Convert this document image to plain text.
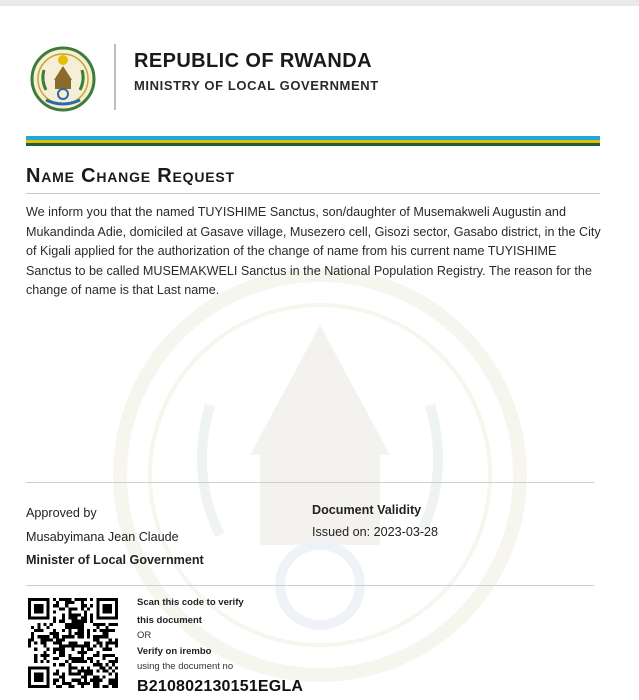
REPUBLIC OF RWANDA
MINISTRY OF LOCAL GOVERNMENT
Name Change Request

We inform you that the named TUYISHIME Sanctus, son/daughter of Musemakweli Augustin and Mukandinda Adie, domiciled at Gasave village, Musezero cell, Gisozi sector, Gasabo district, in the City of Kigali applied for the authorization of the change of name from his current name TUYISHIME Sanctus to be called MUSEMAKWELI Sanctus in the National Population Registry. The reason for the change of name is that Last name.

Approved by
Musabyimana Jean Claude
Minister of Local Government
Document Validity
Issued on: 2023-03-28
Scan this code to verify
this document
OR
Verify on irembo
using the document no
B210802130151EGLA
